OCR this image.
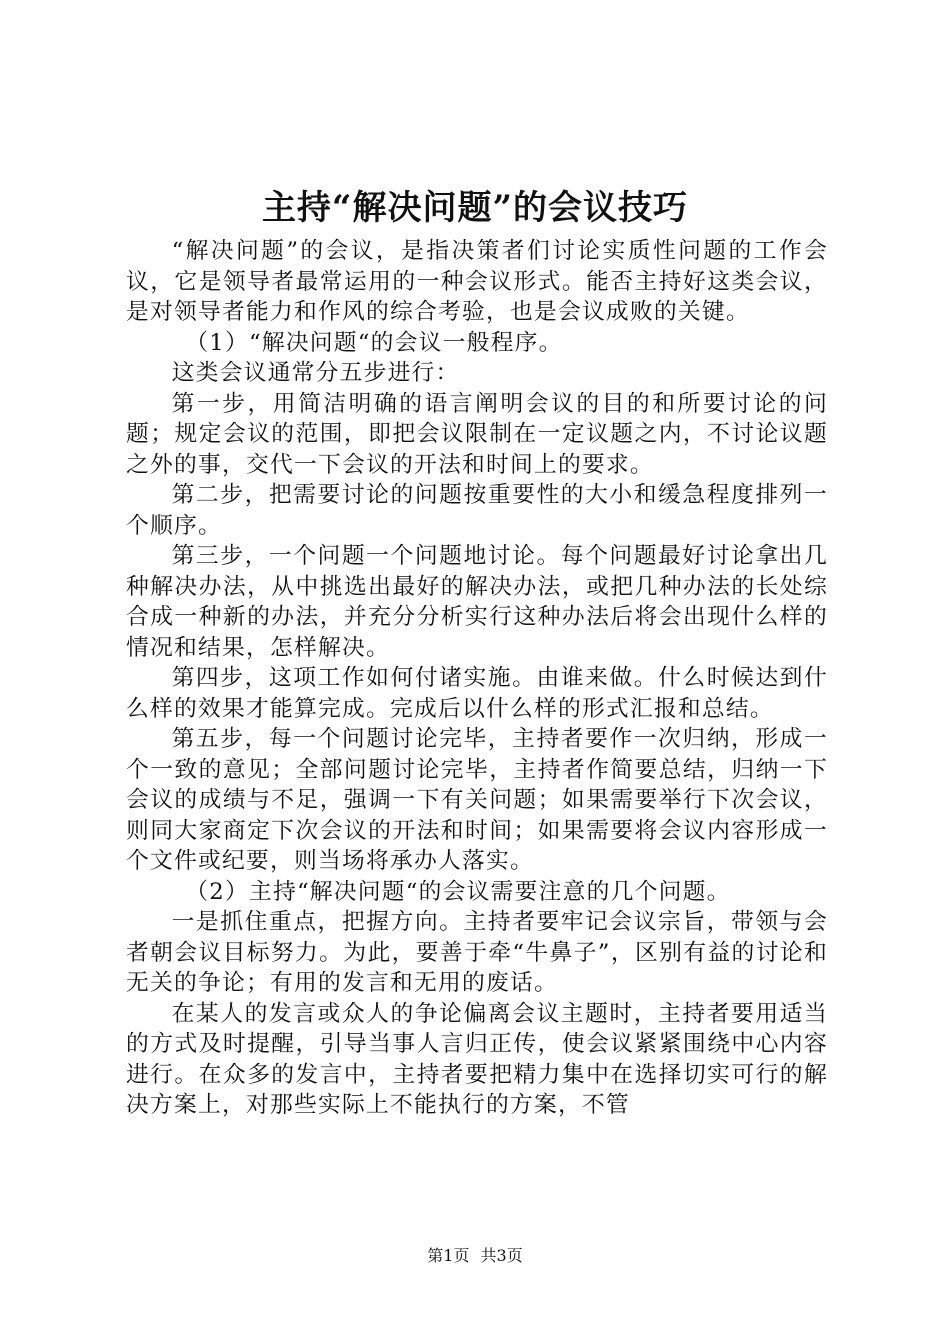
主持“解决问题”的会议技巧

“解决问题”的会议，是指决策者们讨论实质性问题的工作会议，它是领导者最常运用的一种会议形式。能否主持好这类会议，是对领导者能力和作风的综合考验，也是会议成败的关键。

（1）“解决问题“的会议一般程序。

这类会议通常分五步进行：

第一步，用简洁明确的语言阐明会议的目的和所要讨论的问题；规定会议的范围，即把会议限制在一定议题之内，不讨论议题之外的事，交代一下会议的开法和时间上的要求。

第二步，把需要讨论的问题按重要性的大小和缓急程度排列一个顺序。

第三步，一个问题一个问题地讨论。每个问题最好讨论拿出几种解决办法，从中挑选出最好的解决办法，或把几种办法的长处综合成一种新的办法，并充分分析实行这种办法后将会出现什么样的情况和结果，怎样解决。

第四步，这项工作如何付诸实施。由谁来做。什么时候达到什么样的效果才能算完成。完成后以什么样的形式汇报和总结。

第五步，每一个问题讨论完毕，主持者要作一次归纳，形成一个一致的意见；全部问题讨论完毕，主持者作简要总结，归纳一下会议的成绩与不足，强调一下有关问题；如果需要举行下次会议，则同大家商定下次会议的开法和时间；如果需要将会议内容形成一个文件或纪要，则当场将承办人落实。

（2）主持“解决问题“的会议需要注意的几个问题。

一是抓住重点，把握方向。主持者要牢记会议宗旨，带领与会者朝会议目标努力。为此，要善于牵“牛鼻子”，区别有益的讨论和无关的争论；有用的发言和无用的废话。

在某人的发言或众人的争论偏离会议主题时，主持者要用适当的方式及时提醒，引导当事人言归正传，使会议紧紧围绕中心内容进行。在众多的发言中，主持者要把精力集中在选择切实可行的解决方案上，对那些实际上不能执行的方案，不管

第1页 共3页
